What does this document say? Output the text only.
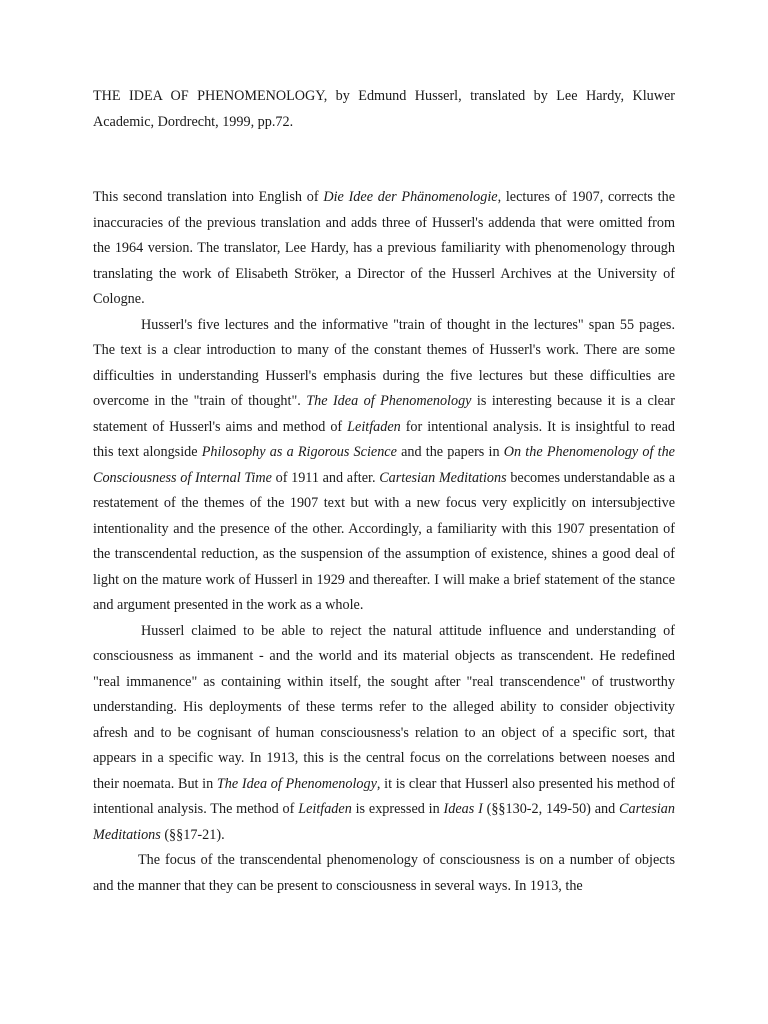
THE IDEA OF PHENOMENOLOGY, by Edmund Husserl, translated by Lee Hardy, Kluwer Academic, Dordrecht, 1999, pp.72.

This second translation into English of Die Idee der Phänomenologie, lectures of 1907, corrects the inaccuracies of the previous translation and adds three of Husserl's addenda that were omitted from the 1964 version. The translator, Lee Hardy, has a previous familiarity with phenomenology through translating the work of Elisabeth Ströker, a Director of the Husserl Archives at the University of Cologne.

Husserl's five lectures and the informative "train of thought in the lectures" span 55 pages. The text is a clear introduction to many of the constant themes of Husserl's work. There are some difficulties in understanding Husserl's emphasis during the five lectures but these difficulties are overcome in the "train of thought". The Idea of Phenomenology is interesting because it is a clear statement of Husserl's aims and method of Leitfaden for intentional analysis. It is insightful to read this text alongside Philosophy as a Rigorous Science and the papers in On the Phenomenology of the Consciousness of Internal Time of 1911 and after. Cartesian Meditations becomes understandable as a restatement of the themes of the 1907 text but with a new focus very explicitly on intersubjective intentionality and the presence of the other. Accordingly, a familiarity with this 1907 presentation of the transcendental reduction, as the suspension of the assumption of existence, shines a good deal of light on the mature work of Husserl in 1929 and thereafter. I will make a brief statement of the stance and argument presented in the work as a whole.

Husserl claimed to be able to reject the natural attitude influence and understanding of consciousness as immanent - and the world and its material objects as transcendent. He redefined "real immanence" as containing within itself, the sought after "real transcendence" of trustworthy understanding. His deployments of these terms refer to the alleged ability to consider objectivity afresh and to be cognisant of human consciousness's relation to an object of a specific sort, that appears in a specific way. In 1913, this is the central focus on the correlations between noeses and their noemata. But in The Idea of Phenomenology, it is clear that Husserl also presented his method of intentional analysis. The method of Leitfaden is expressed in Ideas I (§§130-2, 149-50) and Cartesian Meditations (§§17-21).

The focus of the transcendental phenomenology of consciousness is on a number of objects and the manner that they can be present to consciousness in several ways. In 1913, the
